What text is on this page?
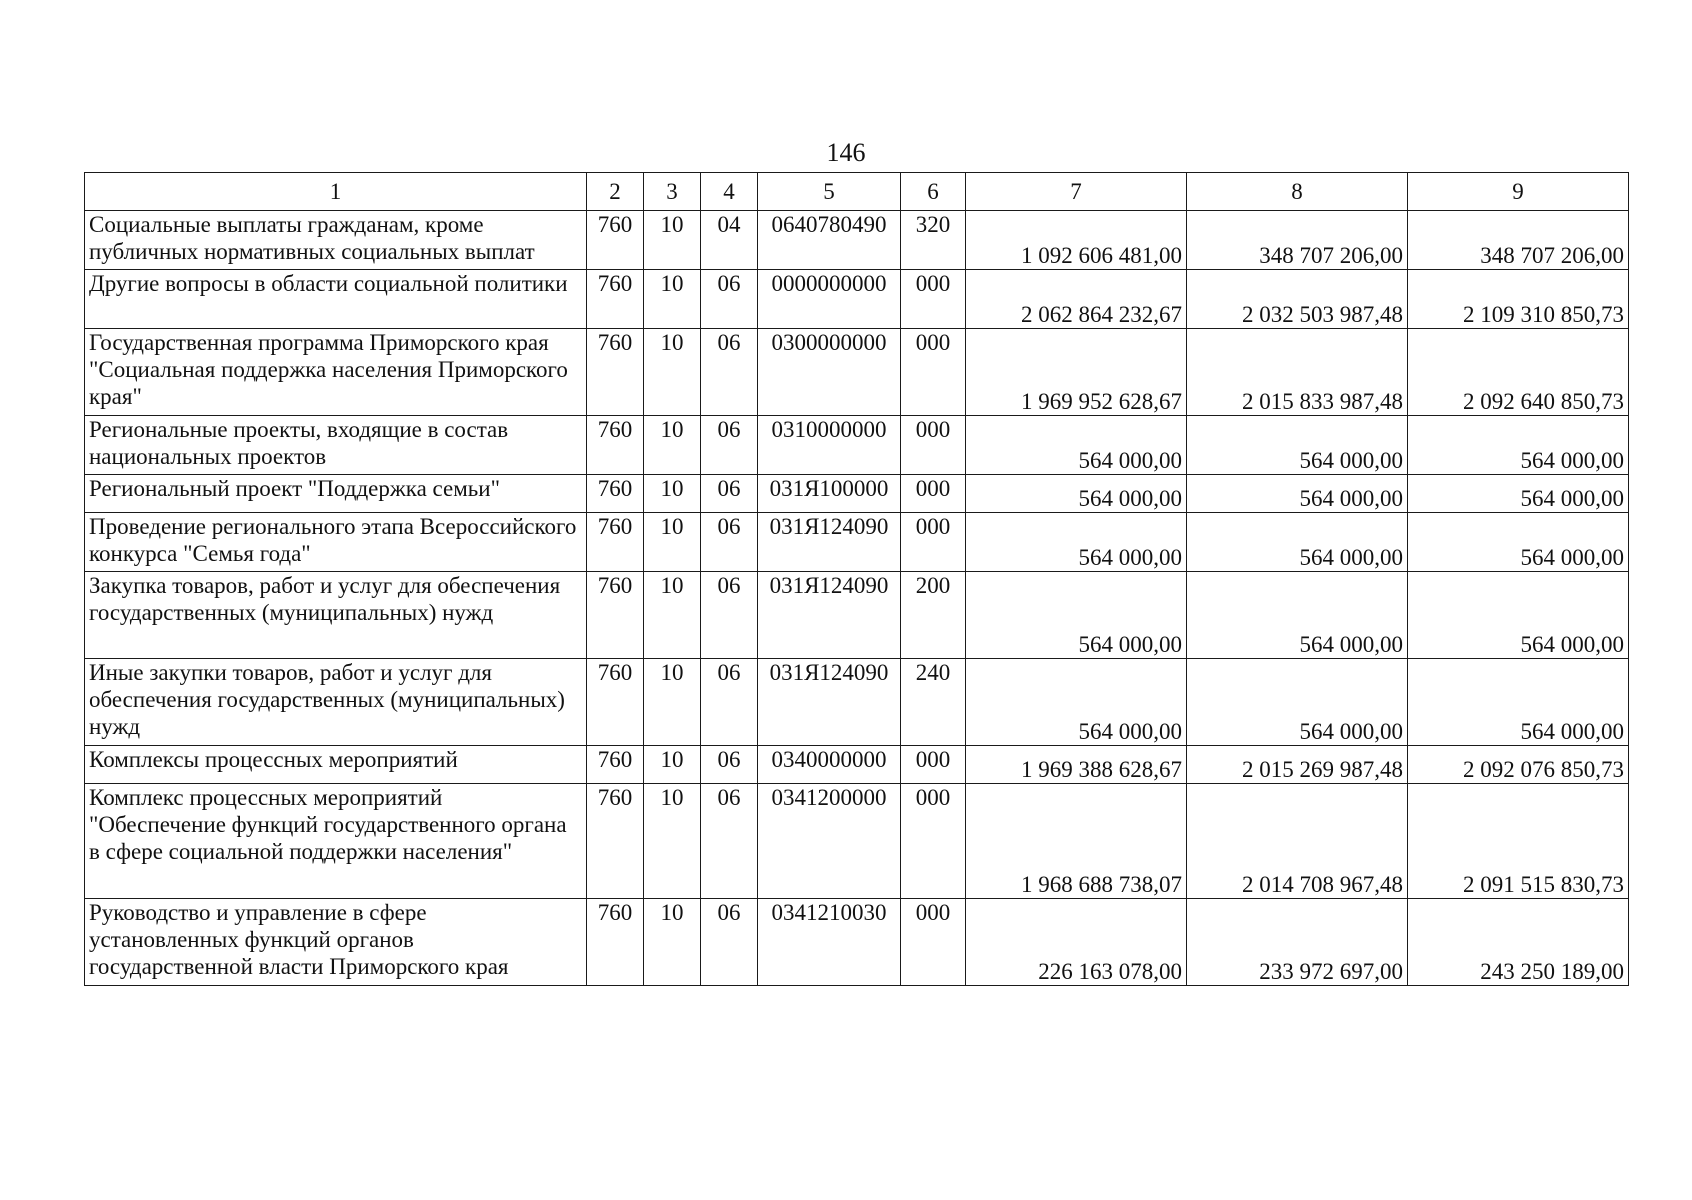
146
1	2	3	4	5	6	7	8	9
Социальные выплаты гражданам, кроме публичных нормативных социальных выплат	760	10	04	0640780490	320	1 092 606 481,00	348 707 206,00	348 707 206,00
Другие вопросы в области социальной политики	760	10	06	0000000000	000	2 062 864 232,67	2 032 503 987,48	2 109 310 850,73
Государственная программа Приморского края "Социальная поддержка населения Приморского края"	760	10	06	0300000000	000	1 969 952 628,67	2 015 833 987,48	2 092 640 850,73
Региональные проекты, входящие в состав национальных проектов	760	10	06	0310000000	000	564 000,00	564 000,00	564 000,00
Региональный проект "Поддержка семьи"	760	10	06	031Я100000	000	564 000,00	564 000,00	564 000,00
Проведение регионального этапа Всероссийского конкурса "Семья года"	760	10	06	031Я124090	000	564 000,00	564 000,00	564 000,00
Закупка товаров, работ и услуг для обеспечения государственных (муниципальных) нужд	760	10	06	031Я124090	200	564 000,00	564 000,00	564 000,00
Иные закупки товаров, работ и услуг для обеспечения государственных (муниципальных) нужд	760	10	06	031Я124090	240	564 000,00	564 000,00	564 000,00
Комплексы процессных мероприятий	760	10	06	0340000000	000	1 969 388 628,67	2 015 269 987,48	2 092 076 850,73
Комплекс процессных мероприятий "Обеспечение функций государственного органа в сфере социальной поддержки населения"	760	10	06	0341200000	000	1 968 688 738,07	2 014 708 967,48	2 091 515 830,73
Руководство и управление в сфере установленных функций органов государственной власти Приморского края	760	10	06	0341210030	000	226 163 078,00	233 972 697,00	243 250 189,00
